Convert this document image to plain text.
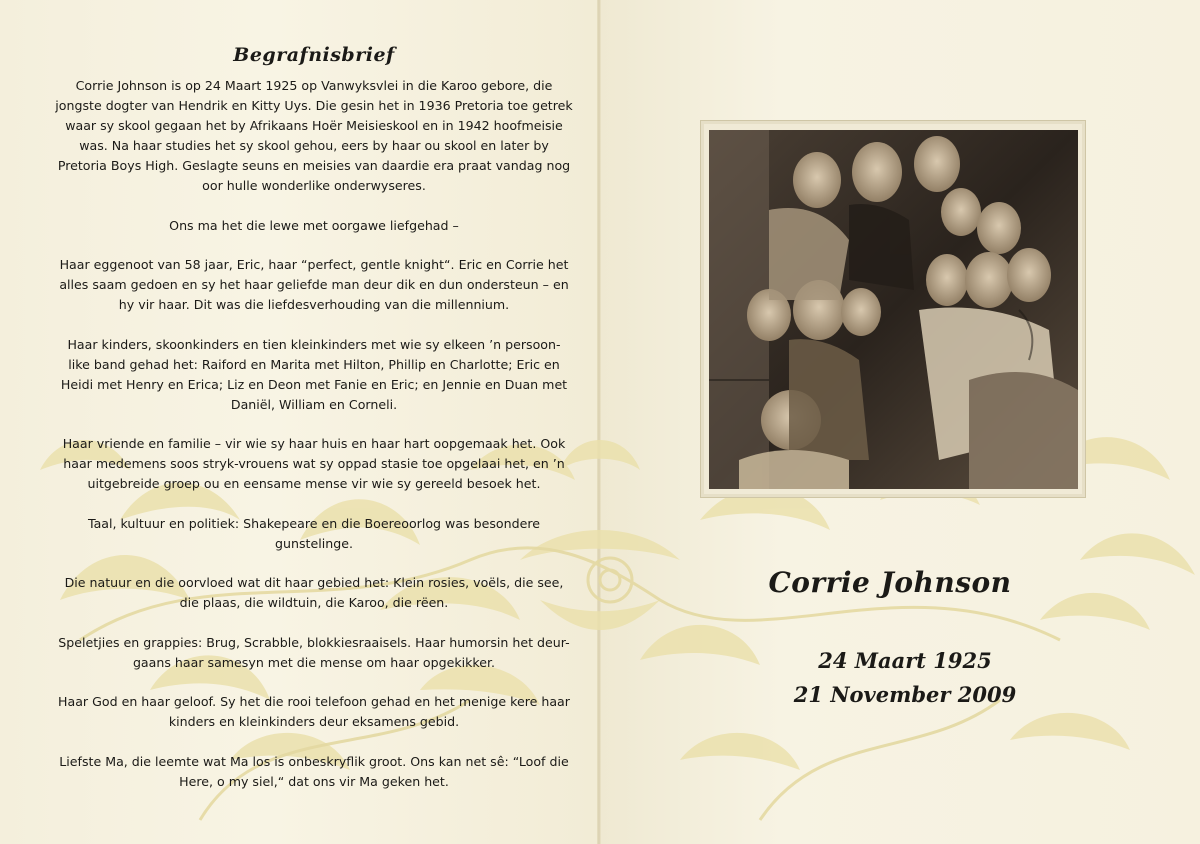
Begrafnisbrief
Corrie Johnson is op 24 Maart 1925 op Vanwyksvlei in die Karoo gebore, die
jongste dogter van Hendrik en Kitty Uys. Die gesin het in 1936 Pretoria toe getrek
waar sy skool gegaan het by Afrikaans Hoër Meisieskool en in 1942 hoofmeisie
was. Na haar studies het sy skool gehou, eers by haar ou skool en later by
Pretoria Boys High. Geslagte seuns en meisies van daardie era praat vandag nog
oor hulle wonderlike onderwyseres.
Ons ma het die lewe met oorgawe liefgehad –
Haar eggenoot van 58 jaar, Eric, haar “perfect, gentle knight“. Eric en Corrie het
alles saam gedoen en sy het haar geliefde man deur dik en dun ondersteun – en
hy vir haar. Dit was die liefdesverhouding van die millennium.
Haar kinders, skoonkinders en tien kleinkinders met wie sy elkeen ’n persoon-
like band gehad het: Raiford en Marita met Hilton, Phillip en Charlotte; Eric en
Heidi met Henry en Erica; Liz en Deon met Fanie en Eric; en Jennie en Duan met
Daniël, William en Corneli.
Haar vriende en familie – vir wie sy haar huis en haar hart oopgemaak het. Ook
haar medemens soos stryk-vrouens wat sy oppad stasie toe opgelaai het, en ’n
uitgebreide groep ou en eensame mense vir wie sy gereeld besoek het.
Taal, kultuur en politiek: Shakepeare en die Boereoorlog was besondere
gunstelinge.
Die natuur en die oorvloed wat dit haar gebied het: Klein rosies, voëls, die see,
die plaas, die wildtuin, die Karoo, die rëen.
Speletjies en grappies: Brug, Scrabble, blokkiesraaisels. Haar humorsin het deur-
gaans haar samesyn met die mense om haar opgekikker.
Haar God en haar geloof. Sy het die rooi telefoon gehad en het menige kere haar
kinders en kleinkinders deur eksamens gebid.
Liefste Ma, die leemte wat Ma los is onbeskryflik groot. Ons kan net sê: “Loof die
Here, o my siel,“ dat ons vir Ma geken het.
Corrie Johnson
24 Maart 1925
21 November 2009
